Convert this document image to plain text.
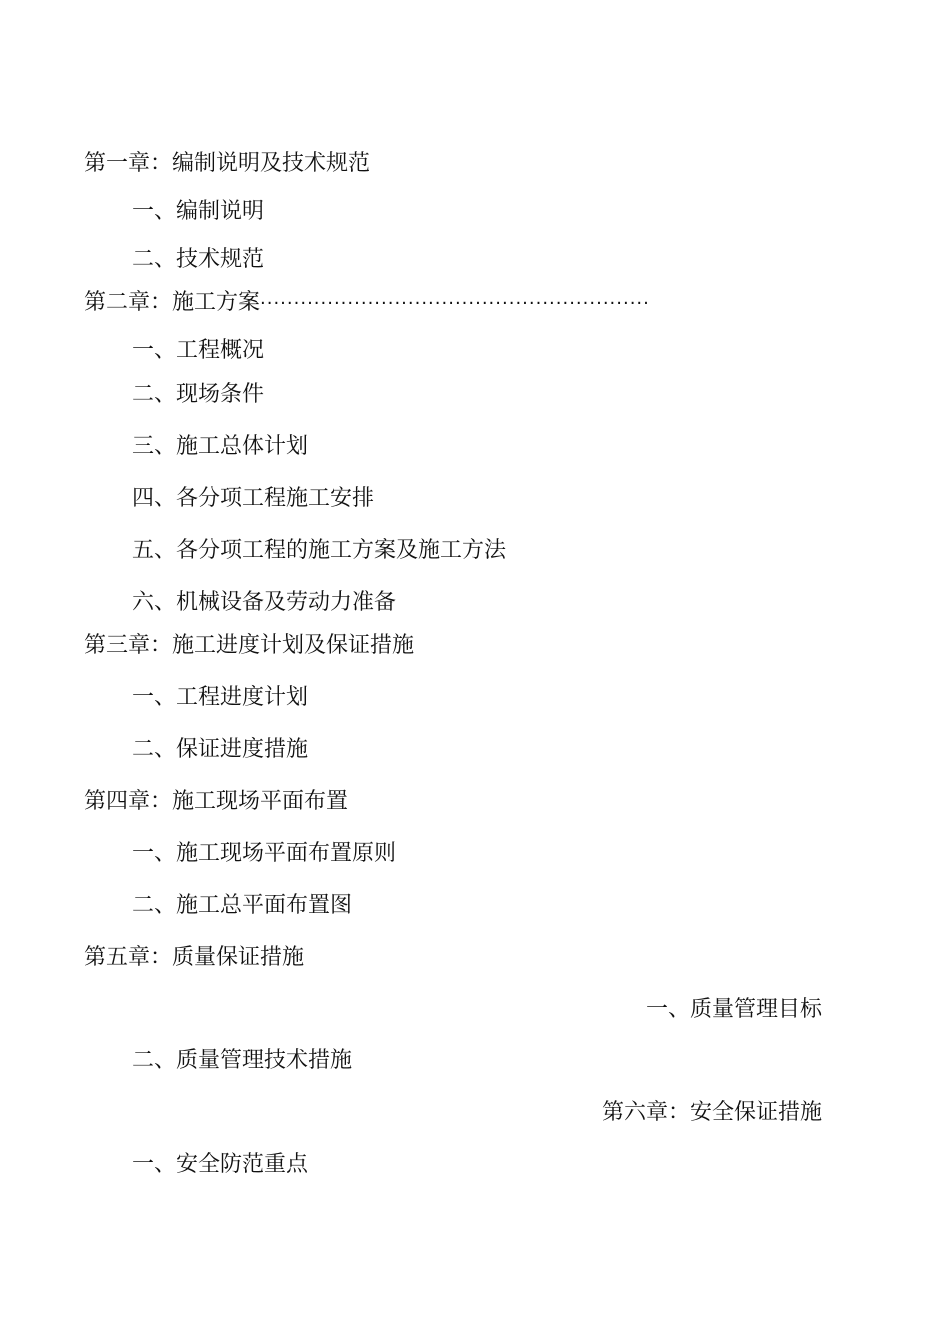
第一章：编制说明及技术规范
一、编制说明
二、技术规范
第二章：施工方案··························································
一、工程概况
二、现场条件
三、施工总体计划
四、各分项工程施工安排
五、各分项工程的施工方案及施工方法
六、机械设备及劳动力准备
第三章：施工进度计划及保证措施
一、工程进度计划
二、保证进度措施
第四章：施工现场平面布置
一、施工现场平面布置原则
二、施工总平面布置图
第五章：质量保证措施
一、质量管理目标
二、质量管理技术措施
第六章：安全保证措施
一、安全防范重点
